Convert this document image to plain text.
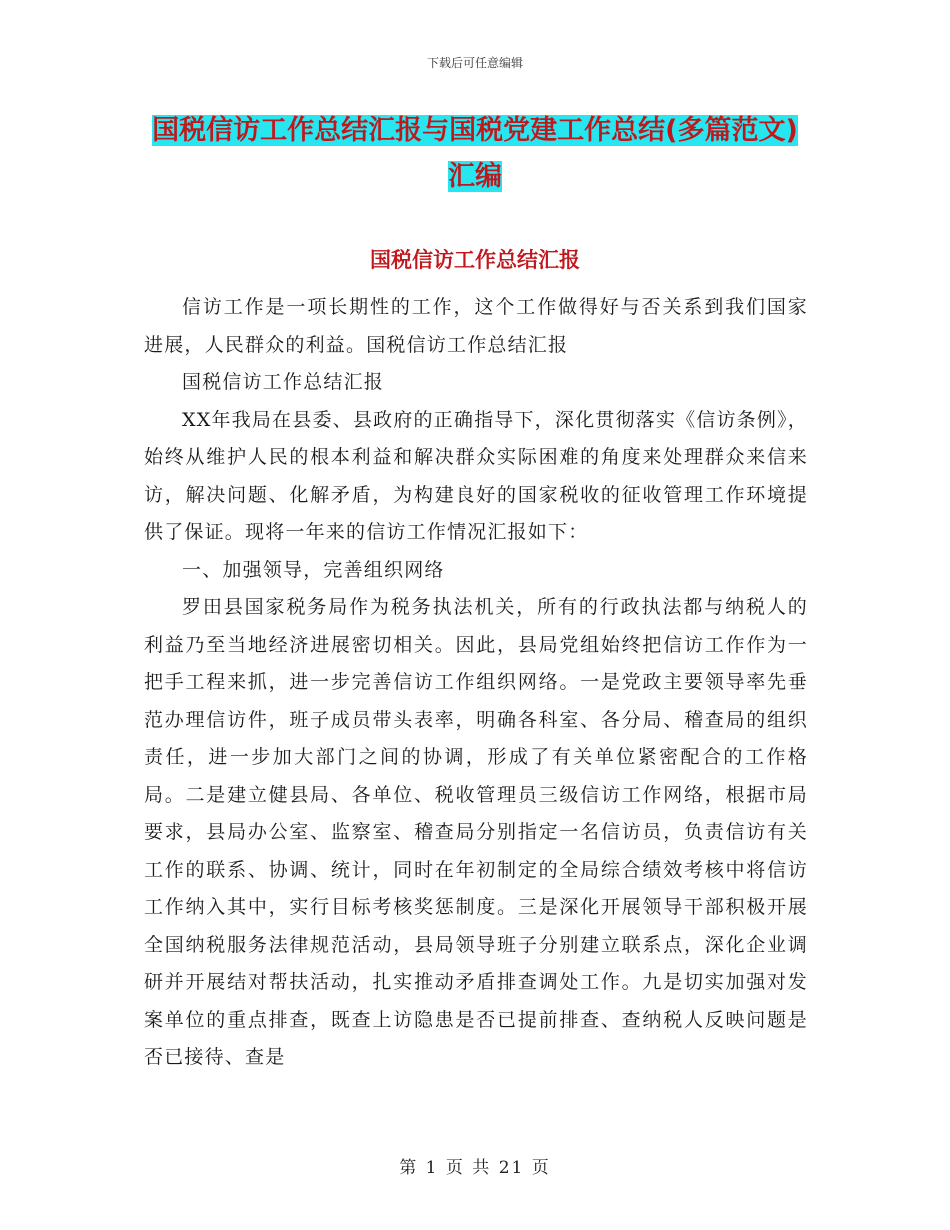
下载后可任意编辑
国税信访工作总结汇报与国税党建工作总结(多篇范文)汇编
国税信访工作总结汇报

信访工作是一项长期性的工作，这个工作做得好与否关系到我们国家进展，人民群众的利益。国税信访工作总结汇报

国税信访工作总结汇报

XX年我局在县委、县政府的正确指导下，深化贯彻落实《信访条例》，始终从维护人民的根本利益和解决群众实际困难的角度来处理群众来信来访，解决问题、化解矛盾，为构建良好的国家税收的征收管理工作环境提供了保证。现将一年来的信访工作情况汇报如下：

一、加强领导，完善组织网络

罗田县国家税务局作为税务执法机关，所有的行政执法都与纳税人的利益乃至当地经济进展密切相关。因此，县局党组始终把信访工作作为一把手工程来抓，进一步完善信访工作组织网络。一是党政主要领导率先垂范办理信访件，班子成员带头表率，明确各科室、各分局、稽查局的组织责任，进一步加大部门之间的协调，形成了有关单位紧密配合的工作格局。二是建立健县局、各单位、税收管理员三级信访工作网络，根据市局要求，县局办公室、监察室、稽查局分别指定一名信访员，负责信访有关工作的联系、协调、统计，同时在年初制定的全局综合绩效考核中将信访工作纳入其中，实行目标考核奖惩制度。三是深化开展领导干部积极开展全国纳税服务法律规范活动，县局领导班子分别建立联系点，深化企业调研并开展结对帮扶活动，扎实推动矛盾排查调处工作。九是切实加强对发案单位的重点排查，既查上访隐患是否已提前排查、查纳税人反映问题是否已接待、查是

第 1 页 共 21 页
